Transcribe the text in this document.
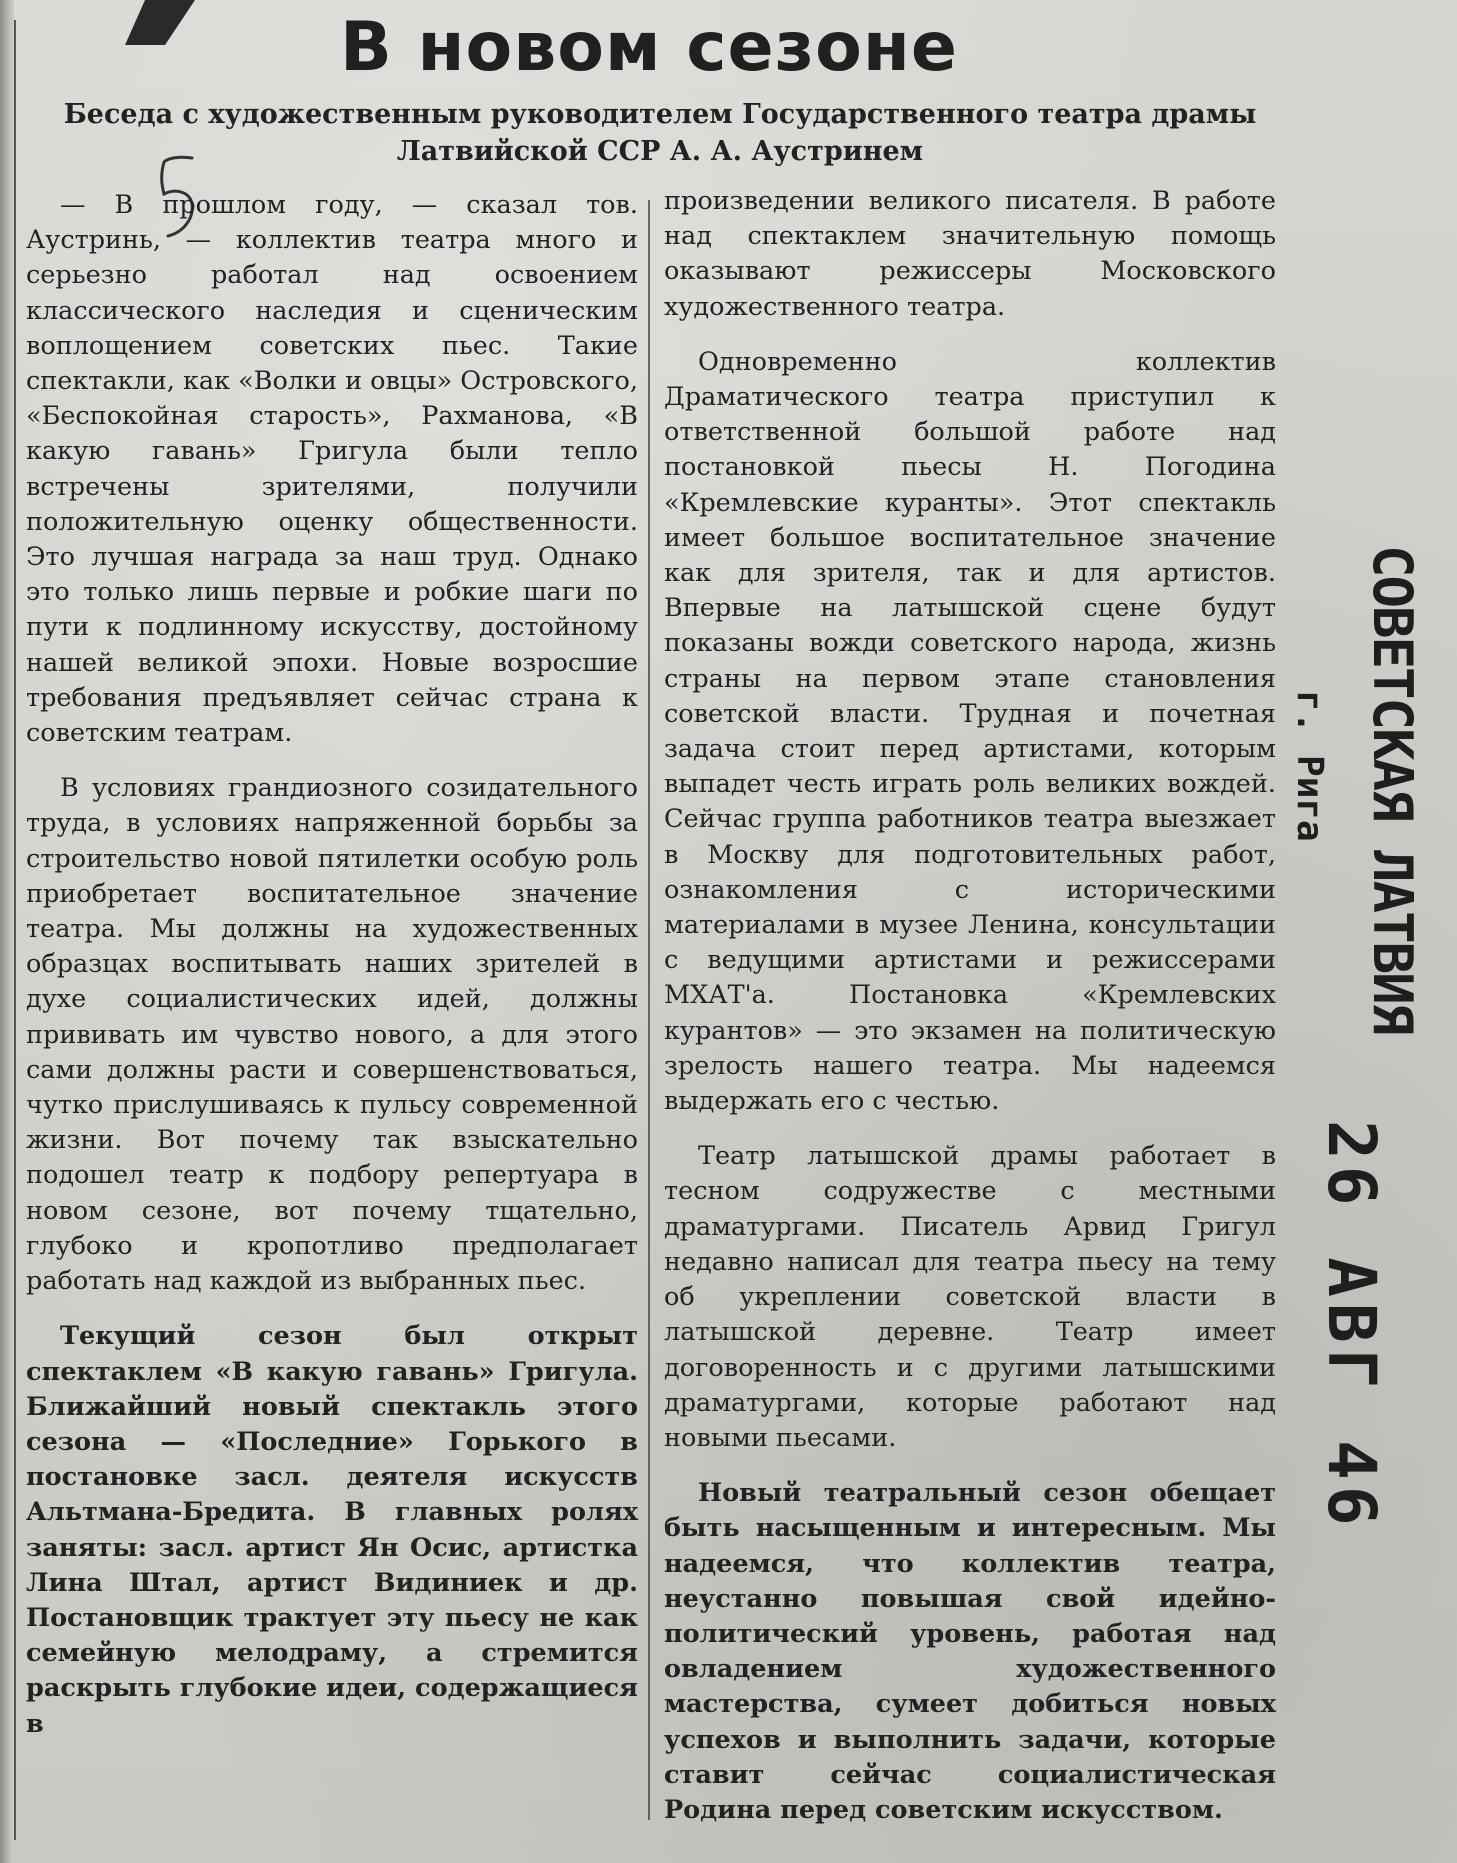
В новом сезоне
Беседа с художественным руководителем Государственного театра драмы
Латвийской ССР А. А. Аустринем

— В прошлом году, — сказал тов. Аустринь, — коллектив театра много и серьезно работал над освоением классического наследия и сценическим воплощением советских пьес. Такие спектакли, как «Волки и овцы» Островского, «Беспокойная старость», Рахманова, «В какую гавань» Григула были тепло встречены зрителями, получили положительную оценку общественности. Это лучшая награда за наш труд. Однако это только лишь первые и робкие шаги по пути к подлинному искусству, достойному нашей великой эпохи. Новые возросшие требования предъявляет сейчас страна к советским театрам.

В условиях грандиозного созидательного труда, в условиях напряженной борьбы за строительство новой пятилетки особую роль приобретает воспитательное значение театра. Мы должны на художественных образцах воспитывать наших зрителей в духе социалистических идей, должны прививать им чувство нового, а для этого сами должны расти и совершенствоваться, чутко прислушиваясь к пульсу современной жизни. Вот почему так взыскательно подошел театр к подбору репертуара в новом сезоне, вот почему тщательно, глубоко и кропотливо предполагает работать над каждой из выбранных пьес.

Текущий сезон был открыт спектаклем «В какую гавань» Григула. Ближайший новый спектакль этого сезона — «Последние» Горького в постановке засл. деятеля искусств Альтмана-Бредита. В главных ролях заняты: засл. артист Ян Осис, артистка Лина Штал, артист Видиниек и др. Постановщик трактует эту пьесу не как семейную мелодраму, а стремится раскрыть глубокие идеи, содержащиеся в

произведении великого писателя. В работе над спектаклем значительную помощь оказывают режиссеры Московского художественного театра.

Одновременно коллектив Драматического театра приступил к ответственной большой работе над постановкой пьесы Н. Погодина «Кремлевские куранты». Этот спектакль имеет большое воспитательное значение как для зрителя, так и для артистов. Впервые на латышской сцене будут показаны вожди советского народа, жизнь страны на первом этапе становления советской власти. Трудная и почетная задача стоит перед артистами, которым выпадет честь играть роль великих вождей. Сейчас группа работников театра выезжает в Москву для подготовительных работ, ознакомления с историческими материалами в музее Ленина, консультации с ведущими артистами и режиссерами МХАТ'а. Постановка «Кремлевских курантов» — это экзамен на политическую зрелость нашего театра. Мы надеемся выдержать его с честью.

Театр латышской драмы работает в тесном содружестве с местными драматургами. Писатель Арвид Григул недавно написал для театра пьесу на тему об укреплении советской власти в латышской деревне. Театр имеет договоренность и с другими латышскими драматургами, которые работают над новыми пьесами.

Новый театральный сезон обещает быть насыщенным и интересным. Мы надеемся, что коллектив театра, неустанно повышая свой идейно-политический уровень, работая над овладением художественного мастерства, сумеет добиться новых успехов и выполнить задачи, которые ставит сейчас социалистическая Родина перед советским искусством.

СОВЕТСКАЯ ЛАТВИЯ
г. Рига
26 АВГ 46
